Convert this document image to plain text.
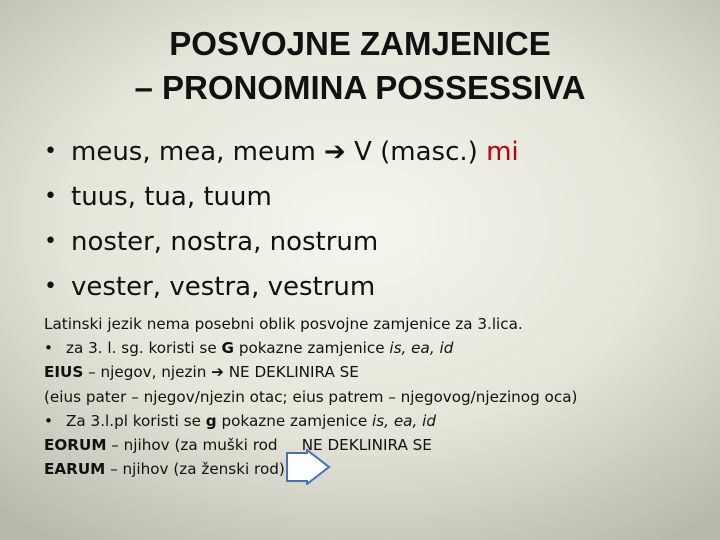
POSVOJNE ZAMJENICE
– PRONOMINA POSSESSIVA
• meus, mea, meum ➔ V (masc.) mi
• tuus, tua, tuum
• noster, nostra, nostrum
• vester, vestra, vestrum
Latinski jezik nema posebni oblik posvojne zamjenice za 3.lica.
• za 3. l. sg. koristi se G pokazne zamjenice is, ea, id
EIUS – njegov, njezin ➔ NE DEKLINIRA SE
(eius pater – njegov/njezin otac; eius patrem – njegovog/njezinog oca)
• Za 3.l.pl koristi se g pokazne zamjenice is, ea, id
EORUM – njihov (za muški rod NE DEKLINIRA SE
EARUM – njihov (za ženski rod)
